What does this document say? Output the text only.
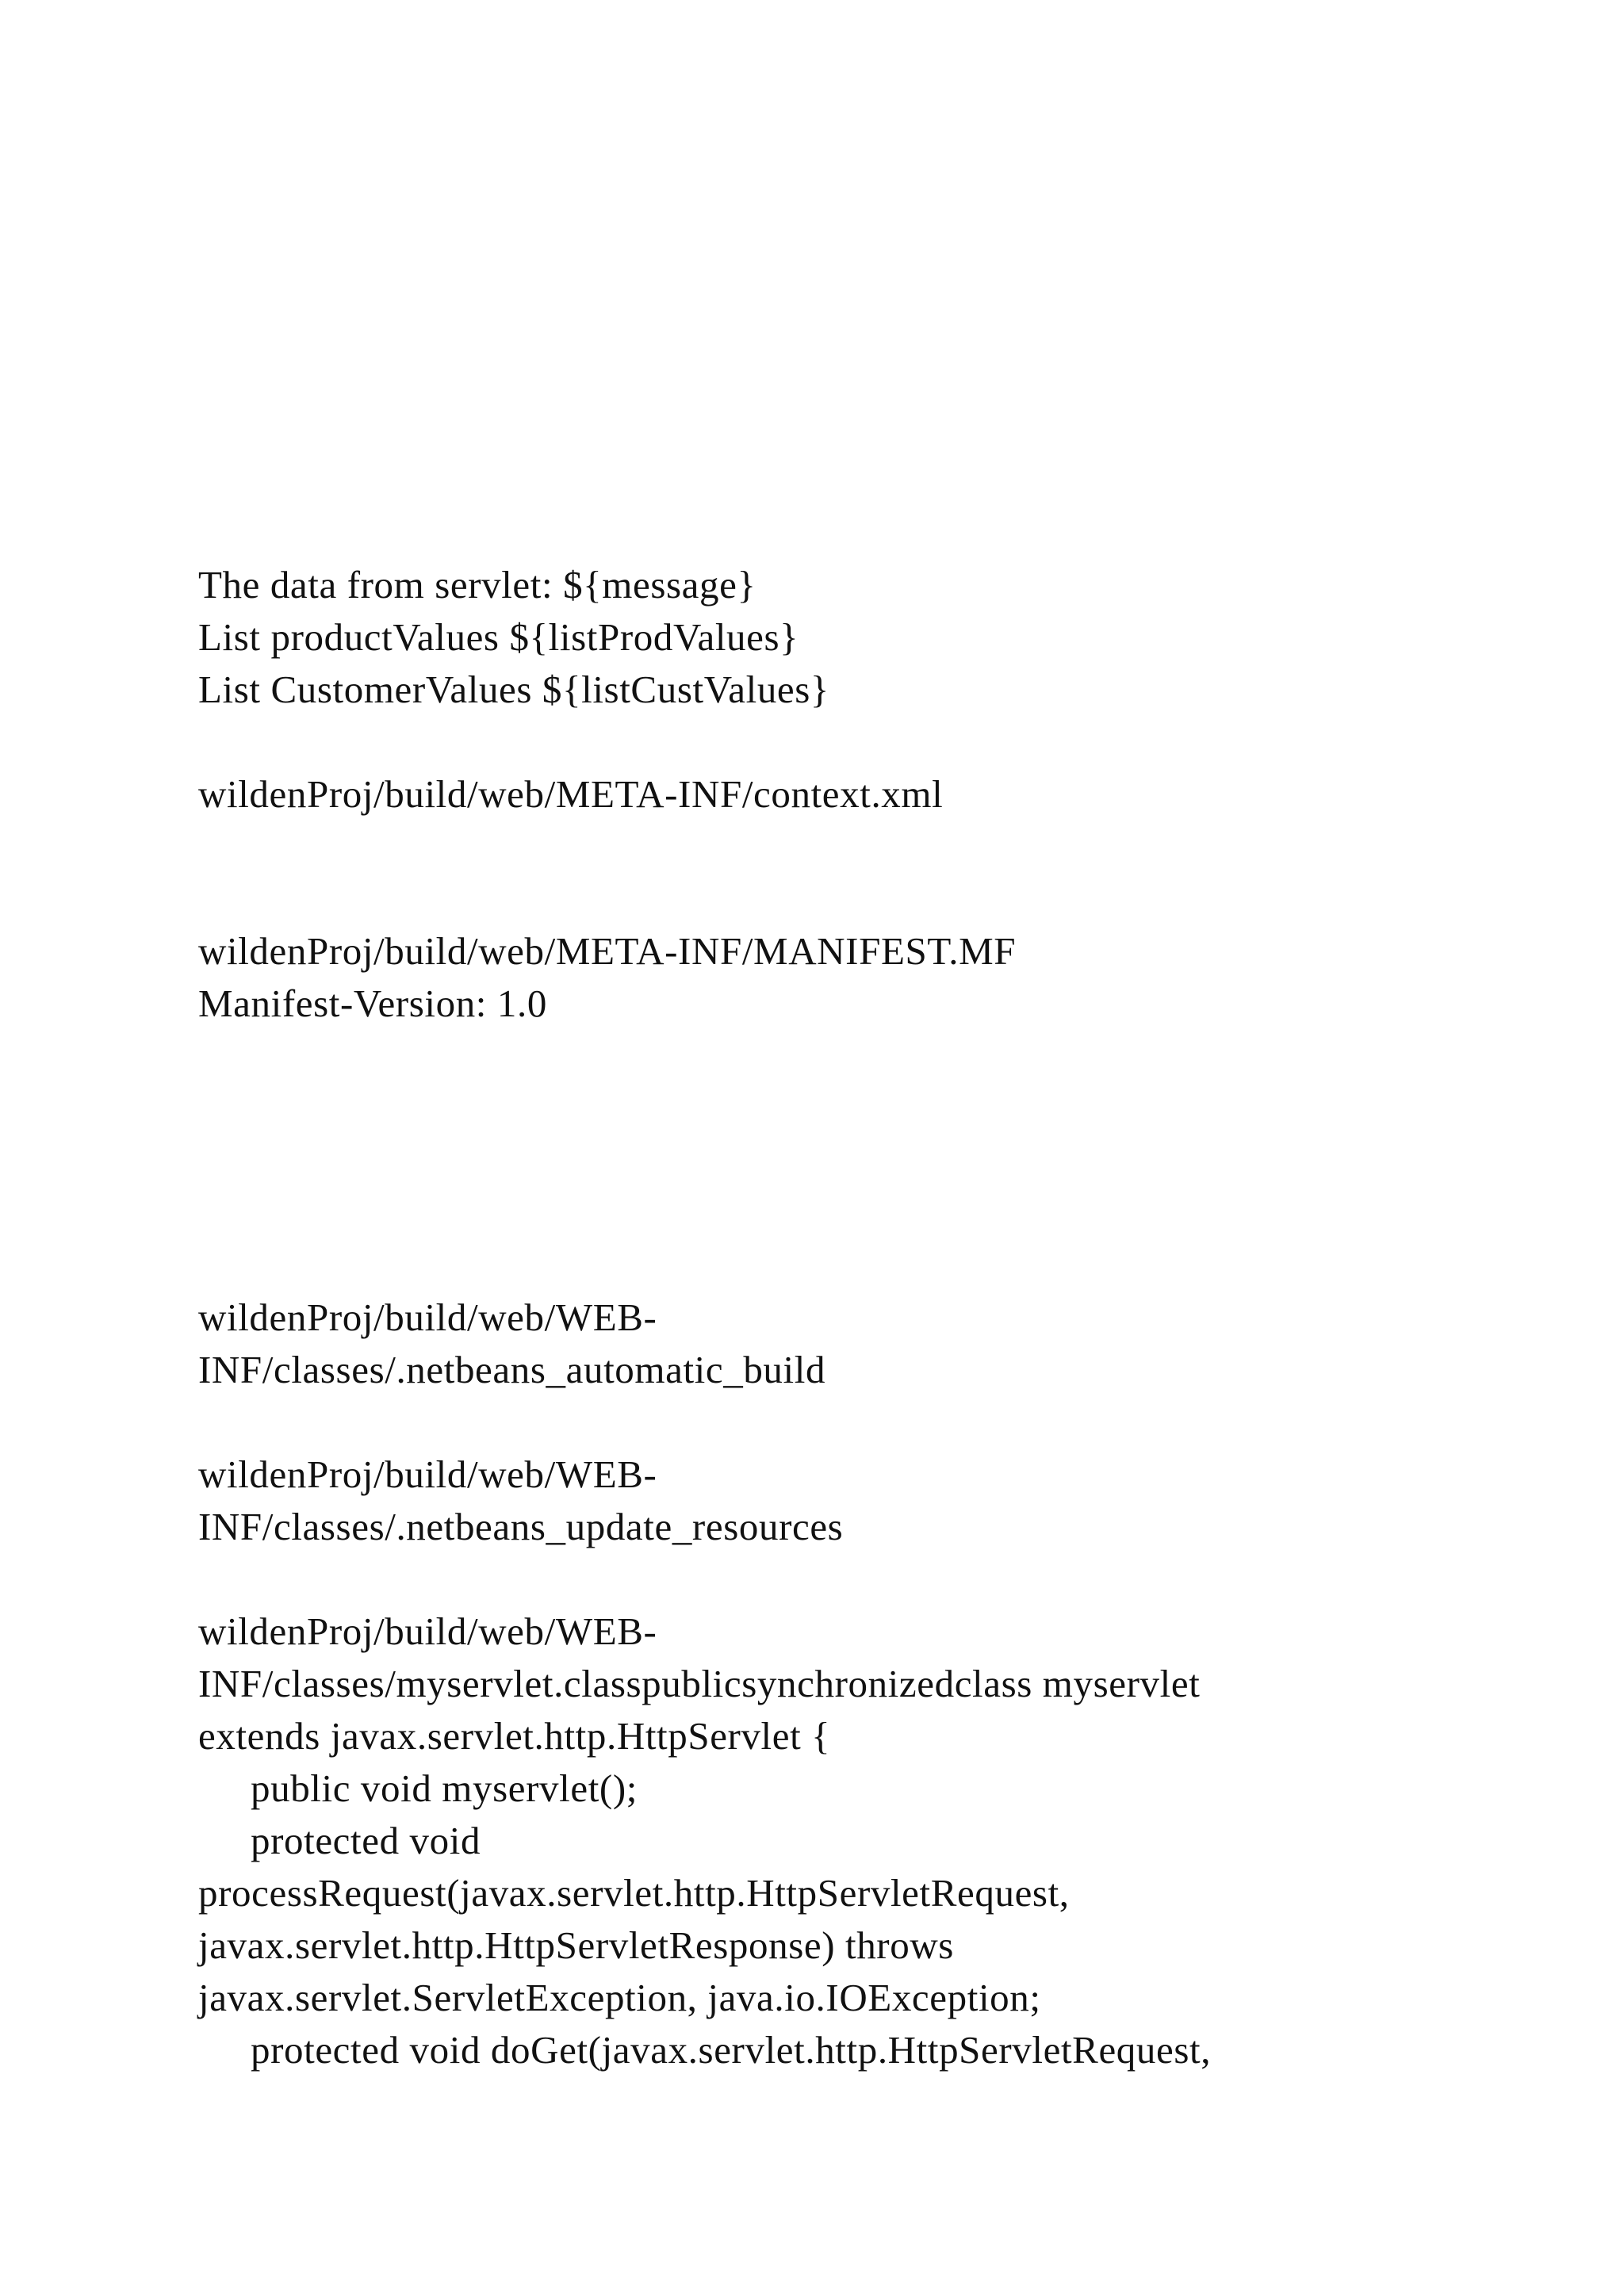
The data from servlet: ${message}
List productValues ${listProdValues}
List CustomerValues ${listCustValues}
wildenProj/build/web/META-INF/context.xml
wildenProj/build/web/META-INF/MANIFEST.MF
Manifest-Version: 1.0
wildenProj/build/web/WEB-
INF/classes/.netbeans_automatic_build
wildenProj/build/web/WEB-
INF/classes/.netbeans_update_resources
wildenProj/build/web/WEB-
INF/classes/myservlet.classpublicsynchronizedclass myservlet
extends javax.servlet.http.HttpServlet {
public void myservlet();
protected void
processRequest(javax.servlet.http.HttpServletRequest,
javax.servlet.http.HttpServletResponse) throws
javax.servlet.ServletException, java.io.IOException;
protected void doGet(javax.servlet.http.HttpServletRequest,
